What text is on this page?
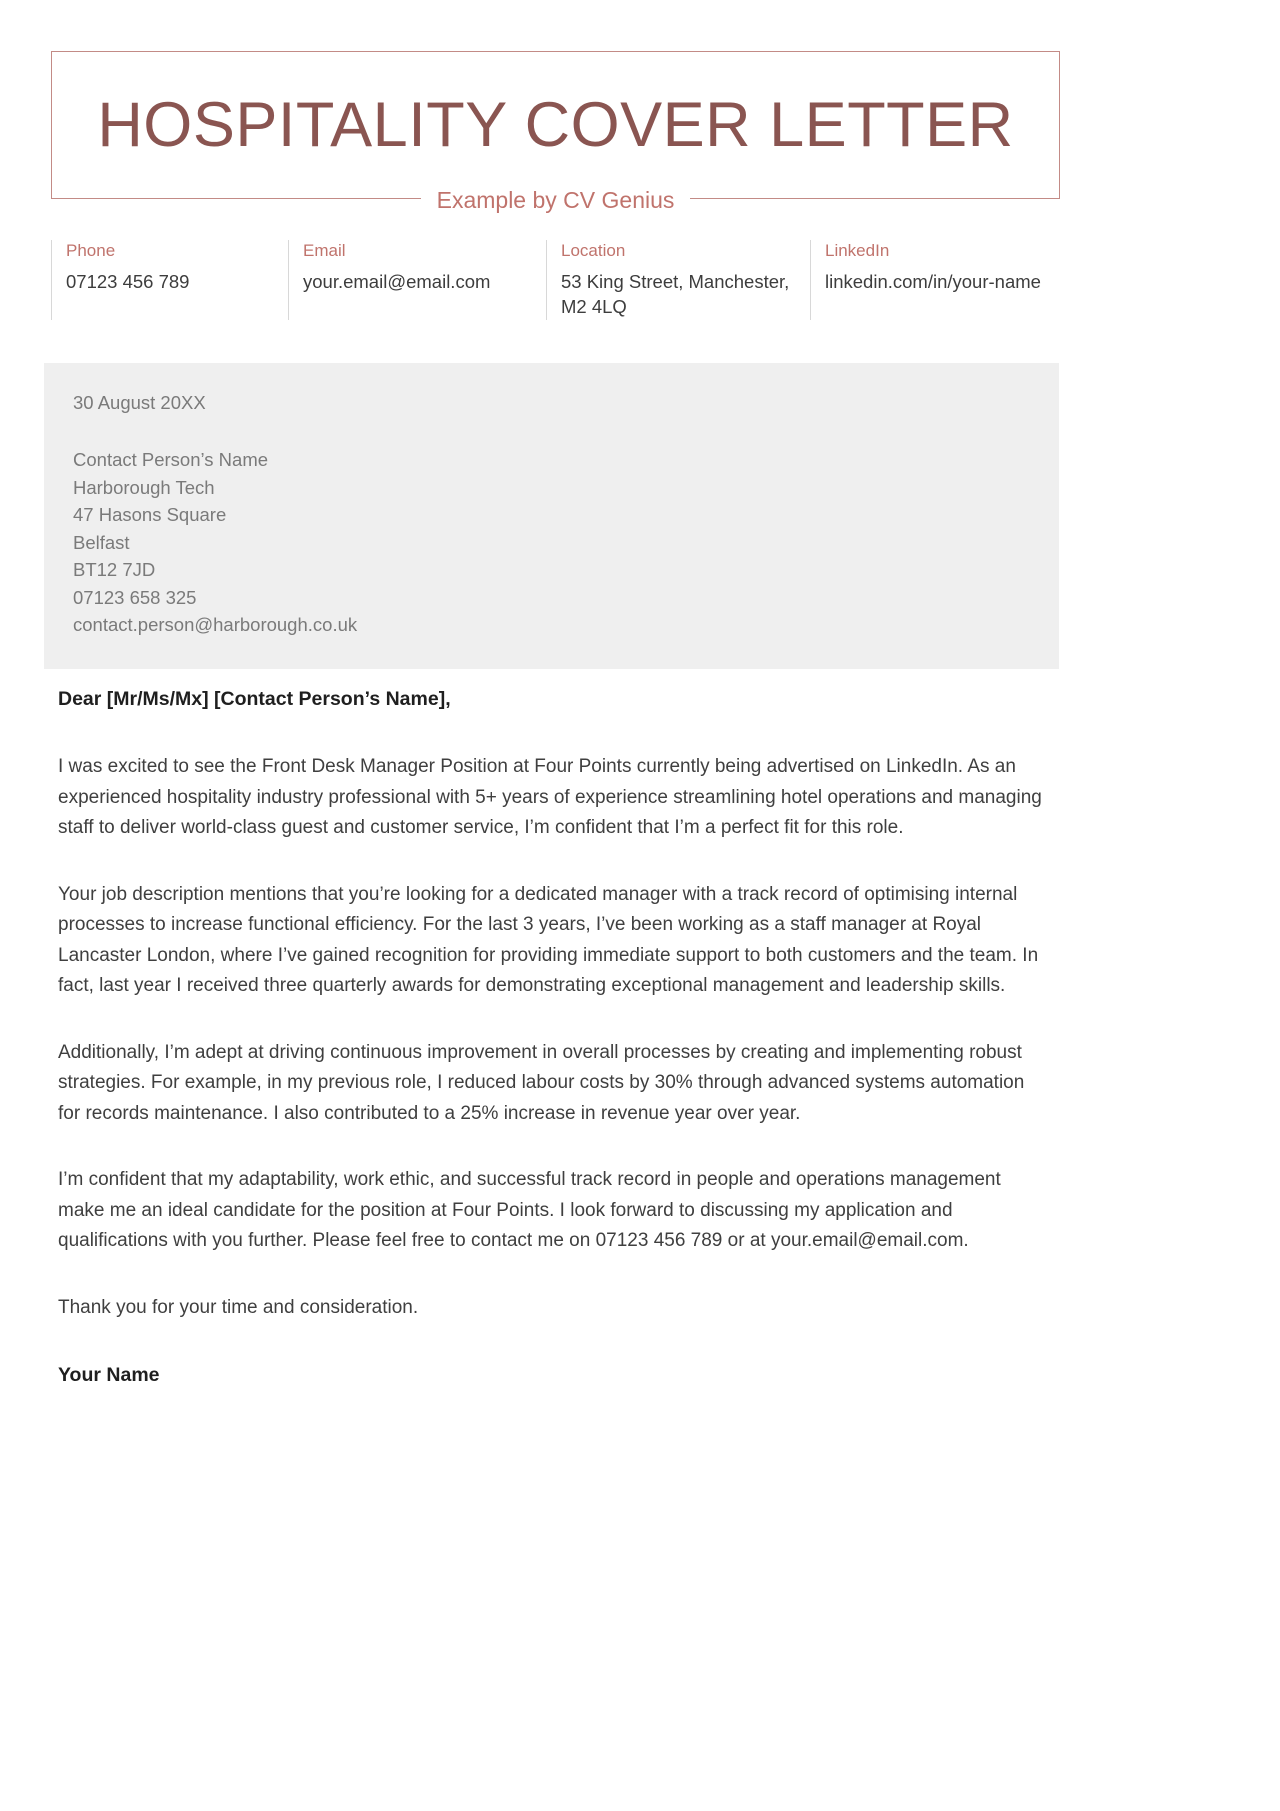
HOSPITALITY COVER LETTER
Example by CV Genius
Phone
07123 456 789
Email
your.email@email.com
Location
53 King Street, Manchester, M2 4LQ
LinkedIn
linkedin.com/in/your-name
30 August 20XX
Contact Person’s Name
Harborough Tech
47 Hasons Square
Belfast
BT12 7JD
07123 658 325
contact.person@harborough.co.uk
Dear [Mr/Ms/Mx] [Contact Person’s Name],

I was excited to see the Front Desk Manager Position at Four Points currently being advertised on LinkedIn. As an experienced hospitality industry professional with 5+ years of experience streamlining hotel operations and managing staff to deliver world-class guest and customer service, I’m confident that I’m a perfect fit for this role.

Your job description mentions that you’re looking for a dedicated manager with a track record of optimising internal processes to increase functional efficiency. For the last 3 years, I’ve been working as a staff manager at Royal Lancaster London, where I’ve gained recognition for providing immediate support to both customers and the team. In fact, last year I received three quarterly awards for demonstrating exceptional management and leadership skills.

Additionally, I’m adept at driving continuous improvement in overall processes by creating and implementing robust strategies. For example, in my previous role, I reduced labour costs by 30% through advanced systems automation for records maintenance. I also contributed to a 25% increase in revenue year over year.

I’m confident that my adaptability, work ethic, and successful track record in people and operations management make me an ideal candidate for the position at Four Points. I look forward to discussing my application and qualifications with you further. Please feel free to contact me on 07123 456 789 or at your.email@email.com.

Thank you for your time and consideration.
Your Name
